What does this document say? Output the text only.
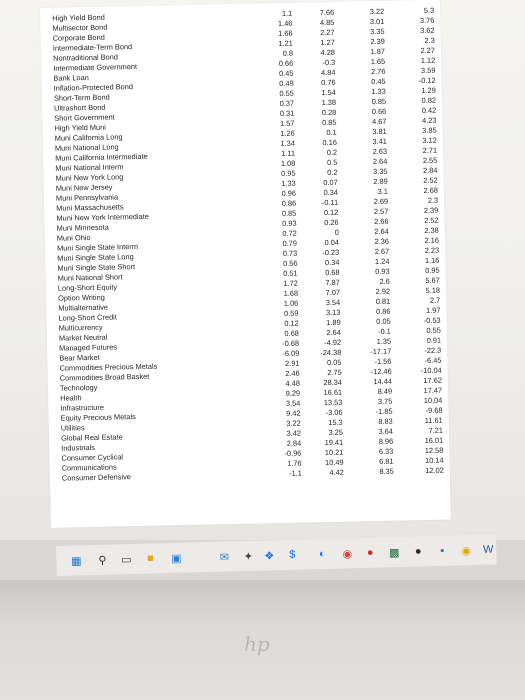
High Yield Bond	1.1	7.66	3.22	5.3
Multisector Bond	1.46	4.85	3.01	3.76
Corporate Bond	1.66	2.27	3.35	3.62
Intermediate-Term Bond	1.21	1.27	2.39	2.3
Nontraditional Bond	0.8	4.28	1.87	2.27
Intermediate Government	0.66	-0.3	1.65	1.12
Bank Loan	0.45	4.84	2.76	3.59
Inflation-Protected Bond	0.49	0.76	0.45	-0.12
Short-Term Bond	0.55	1.54	1.33	1.29
Ultrashort Bond	0.37	1.38	0.85	0.82
Short Government	0.31	0.28	0.66	0.42
High Yield Muni	1.57	0.85	4.67	4.23
Muni California Long	1.26	0.1	3.81	3.85
Muni National Long	1.34	0.16	3.41	3.12
Muni California Intermediate	1.11	0.2	2.63	2.71
Muni National Interm	1.08	0.5	2.64	2.55
Muni New York Long	0.95	0.2	3.35	2.84
Muni New Jersey	1.33	0.07	2.89	2.52
Muni Pennsylvania	0.96	0.34	3.1	2.68
Muni Massachusetts	0.86	-0.11	2.69	2.3
Muni New York Intermediate	0.85	0.12	2.57	2.39
Muni Minnesota	0.93	0.26	2.66	2.52
Muni Ohio	0.72	0	2.64	2.38
Muni Single State Interm	0.79	0.04	2.36	2.16
Muni Single State Long	0.73	-0.23	2.67	2.23
Muni Single State Short	0.56	0.34	1.24	1.16
Muni National Short	0.51	0.68	0.93	0.95
Long-Short Equity	1.72	7.87	2.6	5.67
Option Writing	1.68	7.07	2.92	5.18
Multialternative	1.06	3.54	0.81	2.7
Long-Short Credit	0.59	3.13	0.86	1.97
Multicurrency	0.12	1.89	0.05	-0.53
Market Neutral	0.68	2.64	-0.1	0.55
Managed Futures	-0.68	-4.92	1.35	0.91
Bear Market	-6.09	-24.38	-17.17	-22.3
Commodities Precious Metals	2.91	0.05	-1.56	-6.45
Commodities Broad Basket	2.46	2.75	-12.46	-10.04
Technology	4.48	28.34	14.44	17.62
Health	9.29	16.61	8.49	17.47
Infrastructure	3.54	13.53	3.75	10.04
Equity Precious Metals	9.42	-3.06	-1.85	-9.68
Utilities	3.22	15.3	8.83	11.61
Global Real Estate	3.42	3.25	3.64	7.21
Industrials	2.84	19.41	8.96	16.01
Consumer Cyclical	-0.96	10.21	6.33	12.58
Communications	1.76	10.49	6.81	10.14
Consumer Defensive	-1.1	4.42	8.35	12.02
▦	⚲	▭	■	▣	✉	✦	❖	$	◐	◉	●	▩	●	▪	◉ W
hp
